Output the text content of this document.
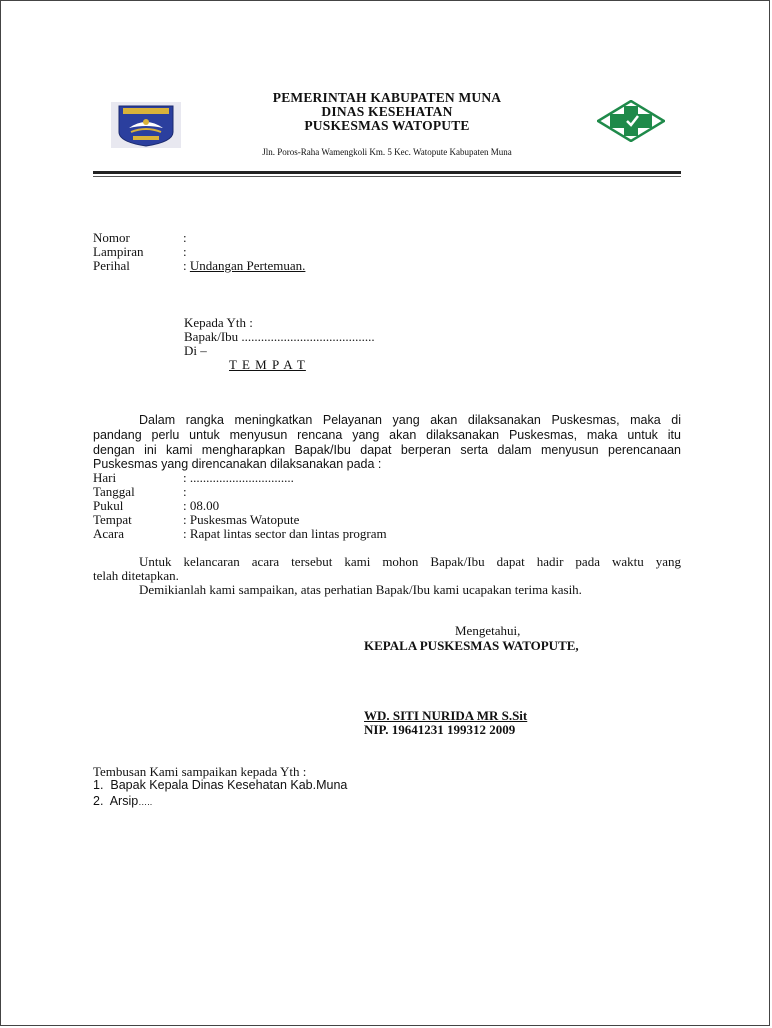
PEMERINTAH KABUPATEN MUNA
DINAS KESEHATAN
PUSKESMAS WATOPUTE
Jln. Poros-Raha Wamengkoli Km. 5 Kec. Watopute Kabupaten Muna
Nomor	:
Lampiran	:
Perihal	: Undangan Pertemuan.
Kepada Yth :
Bapak/Ibu .........................................
Di –
T E M P A T
Dalam rangka meningkatkan Pelayanan yang akan dilaksanakan Puskesmas, maka di
pandang perlu untuk menyusun rencana yang akan dilaksanakan Puskesmas, maka untuk itu
dengan ini kami mengharapkan Bapak/Ibu dapat berperan serta dalam menyusun perencanaan
Puskesmas yang direncanakan dilaksanakan pada :
Hari	: ................................
Tanggal	:
Pukul	: 08.00
Tempat	: Puskesmas Watopute
Acara	: Rapat lintas sector dan lintas program
Untuk kelancaran acara tersebut kami mohon Bapak/Ibu dapat hadir pada waktu yang
telah ditetapkan.
Demikianlah kami sampaikan, atas perhatian Bapak/Ibu kami ucapakan terima kasih.
Mengetahui,
KEPALA PUSKESMAS WATOPUTE,
WD. SITI NURIDA MR S.Sit
NIP. 19641231 199312 2009
Tembusan Kami sampaikan kepada Yth :
1. Bapak Kepala Dinas Kesehatan Kab.Muna
2. Arsip…..
